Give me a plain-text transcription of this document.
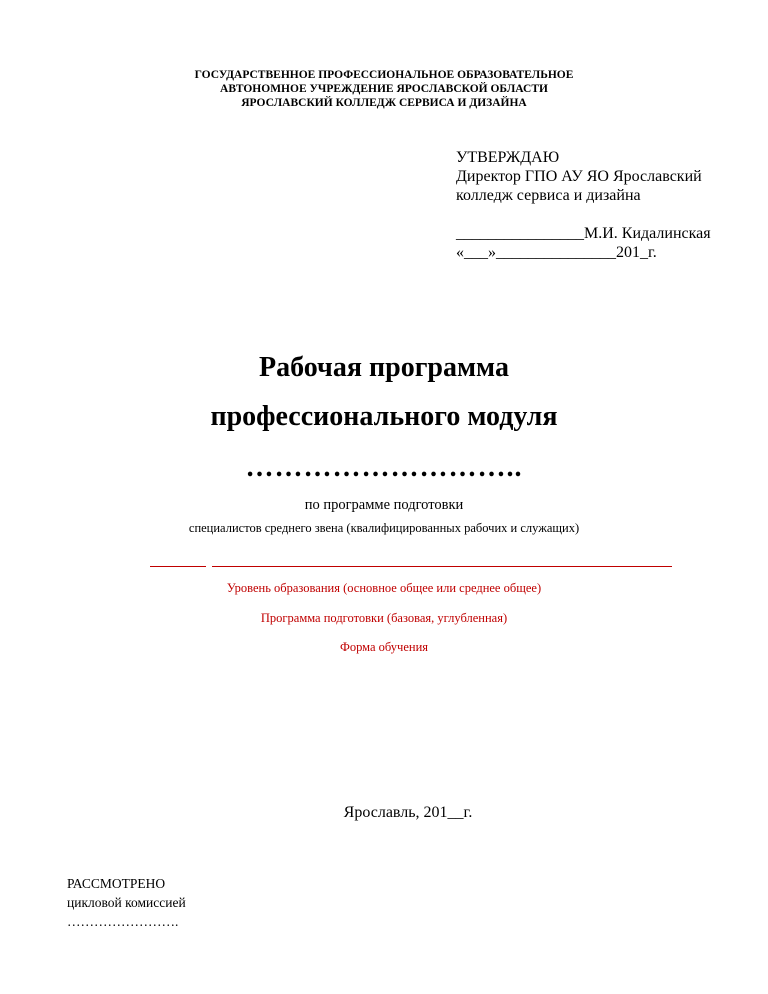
ГОСУДАРСТВЕННОЕ ПРОФЕССИОНАЛЬНОЕ ОБРАЗОВАТЕЛЬНОЕ
АВТОНОМНОЕ УЧРЕЖДЕНИЕ ЯРОСЛАВСКОЙ ОБЛАСТИ
ЯРОСЛАВСКИЙ КОЛЛЕДЖ СЕРВИСА И ДИЗАЙНА
УТВЕРЖДАЮ
Директор ГПО АУ ЯО Ярославский
колледж сервиса и дизайна
________________М.И. Кидалинская
«___»_______________201_г.
Рабочая программа
профессионального модуля
………………………..
по программе подготовки
специалистов среднего звена (квалифицированных рабочих и служащих)
Уровень образования (основное общее или среднее общее)
Программа подготовки (базовая, углубленная)
Форма обучения
Ярославль, 201__г.
РАССМОТРЕНО
цикловой комиссией
…………………….
